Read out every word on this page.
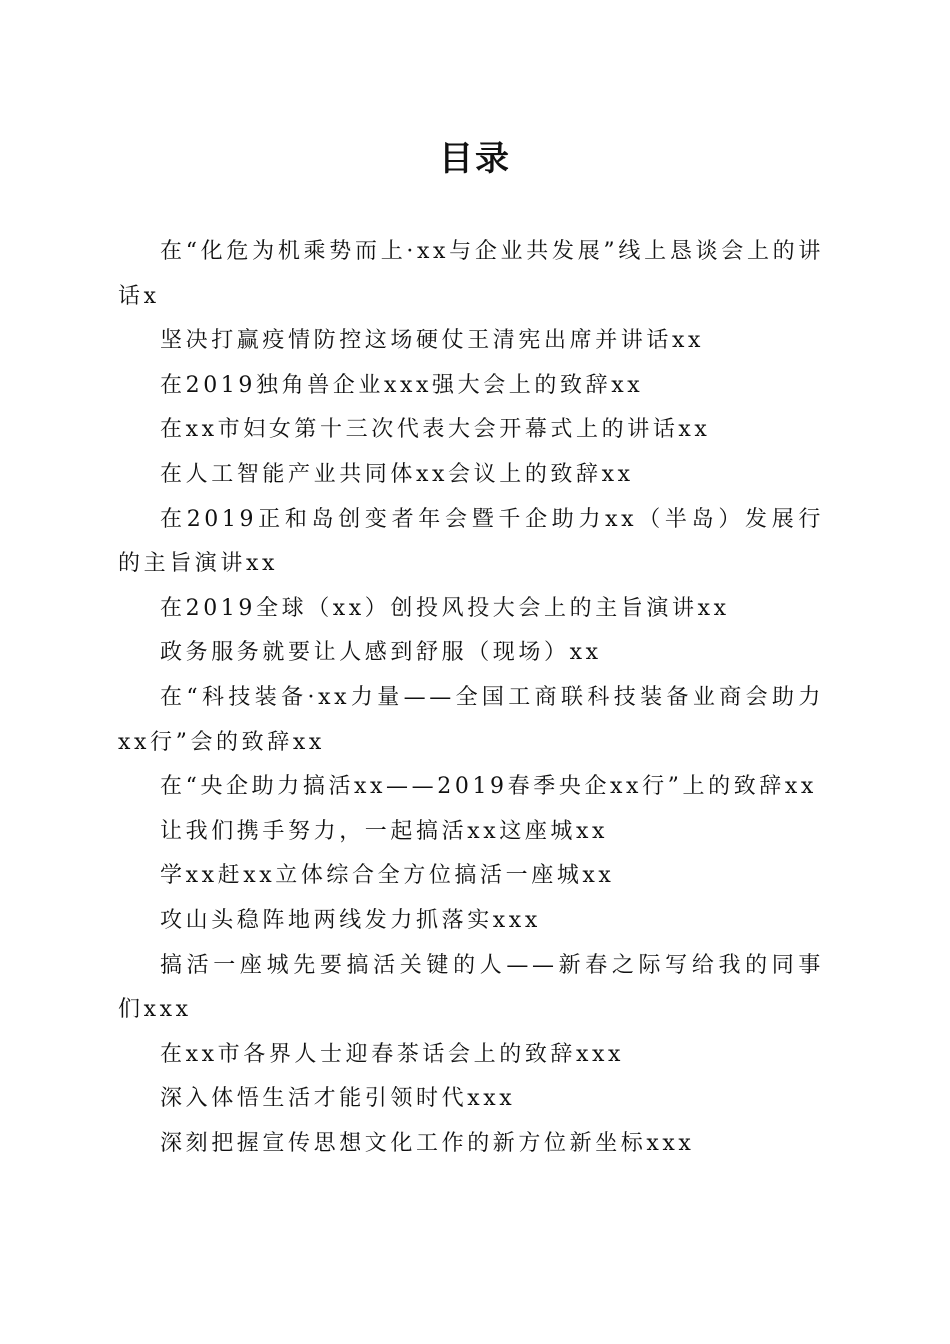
目录
在“化危为机乘势而上·xx与企业共发展”线上恳谈会上的讲话x
坚决打赢疫情防控这场硬仗王清宪出席并讲话xx
在2019独角兽企业xxx强大会上的致辞xx
在xx市妇女第十三次代表大会开幕式上的讲话xx
在人工智能产业共同体xx会议上的致辞xx
在2019正和岛创变者年会暨千企助力xx（半岛）发展行的主旨演讲xx
在2019全球（xx）创投风投大会上的主旨演讲xx
政务服务就要让人感到舒服（现场）xx
在“科技装备·xx力量——全国工商联科技装备业商会助力xx行”会的致辞xx
在“央企助力搞活xx——2019春季央企xx行”上的致辞xx
让我们携手努力，一起搞活xx这座城xx
学xx赶xx立体综合全方位搞活一座城xx
攻山头稳阵地两线发力抓落实xxx
搞活一座城先要搞活关键的人——新春之际写给我的同事们xxx
在xx市各界人士迎春茶话会上的致辞xxx
深入体悟生活才能引领时代xxx
深刻把握宣传思想文化工作的新方位新坐标xxx
